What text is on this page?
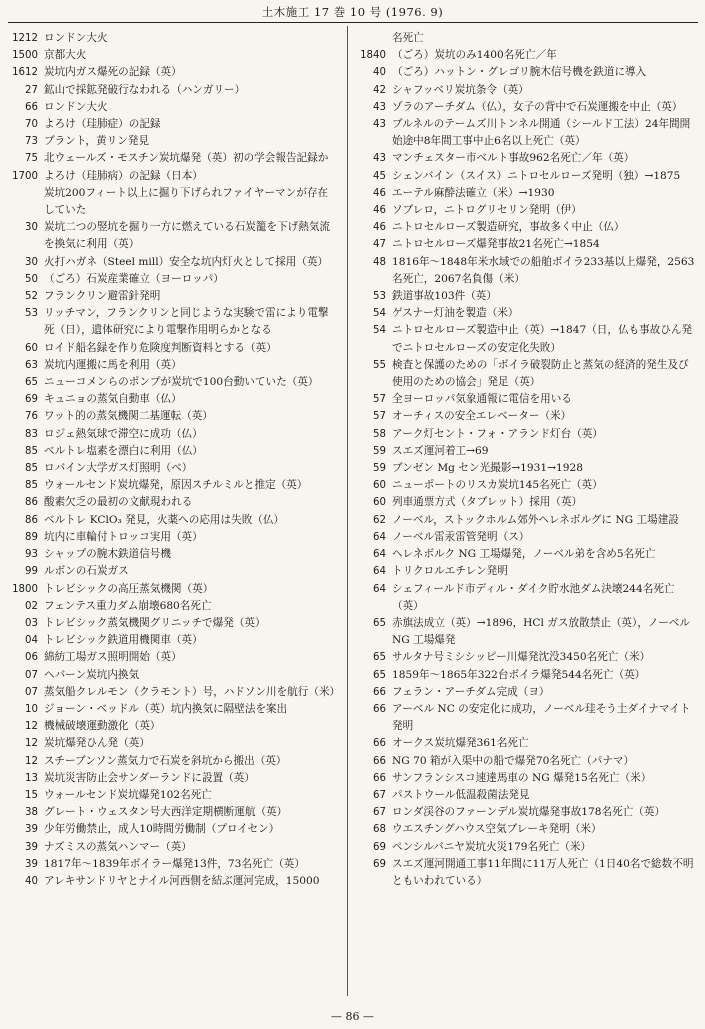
土木施工 17 巻 10 号 (1976. 9)
1212 ロンドン大火
1500 京都大火
1612 炭坑内ガス爆死の記録（英）
27 鉱山で採鉱発破行なわれる（ハンガリー）
66 ロンドン大火
70 よろけ（珪肺症）の記録
73 ブラント，黄リン発見
75 北ウェールズ・モスチン炭坑爆発（英）初の学会報告記録か
1700 よろけ（珪肺病）の記録（日本）
炭坑200フィート以上に掘り下げられファイヤーマンが存在していた
30 炭坑二つの竪坑を掘り一方に燃えている石炭籠を下げ熱気流を換気に利用（英）
30 火打ハガネ（Steel mill）安全な坑内灯火として採用（英）
50 （ごろ）石炭産業確立（ヨーロッパ）
52 フランクリン避雷針発明
53 リッチマン，フランクリンと同じような実験で雷により電撃死（日），遺体研究により電撃作用明らかとなる
60 ロイド船名録を作り危険度判断資料とする（英）
63 炭坑内運搬に馬を利用（英）
65 ニューコメンらのポンプが炭坑で100台動いていた（英）
69 キュニョの蒸気自動車（仏）
76 ワット的の蒸気機関二基運転（英）
83 ロジェ熱気球で滞空に成功（仏）
85 ベルトレ塩素を漂白に利用（仏）
85 ロバイン大学ガス灯照明（ベ）
85 ウォールセンド炭坑爆発，原因スチルミルと推定（英）
86 酸素欠乏の最初の文献現われる
86 ベルトレ KClO₃ 発見，火薬への応用は失敗（仏）
89 坑内に車輪付トロッコ実用（英）
93 シャップの腕木鉄道信号機
99 ルボンの石炭ガス
1800 トレビシックの高圧蒸気機関（英）
02 フェンテス重力ダム崩壊680名死亡
03 トレビシック蒸気機関グリニッチで爆発（英）
04 トレビシック鉄道用機関車（英）
06 綿紡工場ガス照明開始（英）
07 ヘバーン炭坑内換気
07 蒸気船クレルモン（クラモント）号，ハドソン川を航行（米）
10 ジョーン・ベッドル（英）坑内換気に隔壁法を案出
12 機械破壊運動激化（英）
12 炭坑爆発ひん発（英）
12 スチーブンソン蒸気力で石炭を斜坑から搬出（英）
13 炭坑災害防止会サンダーランドに設置（英）
15 ウォールセンド炭坑爆発102名死亡
38 グレート・ウェスタン号大西洋定期横断運航（英）
39 少年労働禁止，成人10時間労働制（プロイセン）
39 ナズミスの蒸気ハンマー（英）
39 1817年～1839年ボイラー爆発13件，73名死亡（英）
40 アレキサンドリヤとナイル河西側を結ぶ運河完成，15000
名死亡
1840 （ごろ）炭坑のみ1400名死亡／年
40 （ごろ）ハットン・グレゴリ腕木信号機を鉄道に導入
42 シャフッベリ炭坑条令（英）
43 ゾラのアーチダム（仏），女子の背中で石炭運搬を中止（英）
43 ブルネルのテームズ川トンネル開通（シールド工法）24年間開始途中8年間工事中止6名以上死亡（英）
43 マンチェスター市ベルト事故962名死亡／年（英）
45 シェンバイン（スイス）ニトロセルローズ発明（独）→1875
46 エーテル麻酔法確立（米）→1930
46 ソブレロ，ニトログリセリン発明（伊）
46 ニトロセルローズ製造研究，事故多く中止（仏）
47 ニトロセルローズ爆発事故21名死亡→1854
48 1816年～1848年米水域での船舶ボイラ233基以上爆発，2563名死亡，2067名負傷（米）
53 鉄道事故103件（英）
54 ゲスナー灯油を製造（米）
54 ニトロセルローズ製造中止（英）→1847（日，仏も事故ひん発でニトロセルローズの安定化失敗）
55 検査と保護のための「ボイラ破裂防止と蒸気の経済的発生及び使用のための協会」発足（英）
57 全ヨーロッパ気象通報に電信を用いる
57 オーチィスの安全エレベーター（米）
58 アーク灯セント・フォ・アランド灯台（英）
59 スエズ運河着工→69
59 ブンゼン Mg セン光撮影→1931→1928
60 ニューポートのリスカ炭坑145名死亡（英）
60 列車通票方式（タブレット）採用（英）
62 ノーベル，ストックホルム郊外ヘレネボルグに NG 工場建設
64 ノーベル雷汞雷管発明（ス）
64 ヘレネボルク NG 工場爆発，ノーベル弟を含め5名死亡
64 トリクロルエチレン発明
64 シェフィールド市ディル・ダイク貯水池ダム決壊244名死亡（英）
65 赤旗法成立（英）→1896，HCl ガス放散禁止（英），ノーベル NG 工場爆発
65 サルタナ号ミシシッピー川爆発沈没3450名死亡（米）
65 1859年～1865年322台ボイラ爆発544名死亡（英）
66 フェラン・アーチダム完成（ヨ）
66 アーベル NC の安定化に成功，ノーベル珪そう土ダイナマイト発明
66 オークス炭坑爆発361名死亡
66 NG 70 箱が入渠中の船で爆発70名死亡（パナマ）
66 サンフランシスコ速達馬車の NG 爆発15名死亡（米）
67 パストウール低温殺菌法発見
67 ロンダ渓谷のファーンデル炭坑爆発事故178名死亡（英）
68 ウエスチングハウス空気ブレーキ発明（米）
69 ペンシルバニヤ炭坑火災179名死亡（米）
69 スエズ運河開通工事11年間に11万人死亡（1日40名で総数不明ともいわれている）
— 86 —
